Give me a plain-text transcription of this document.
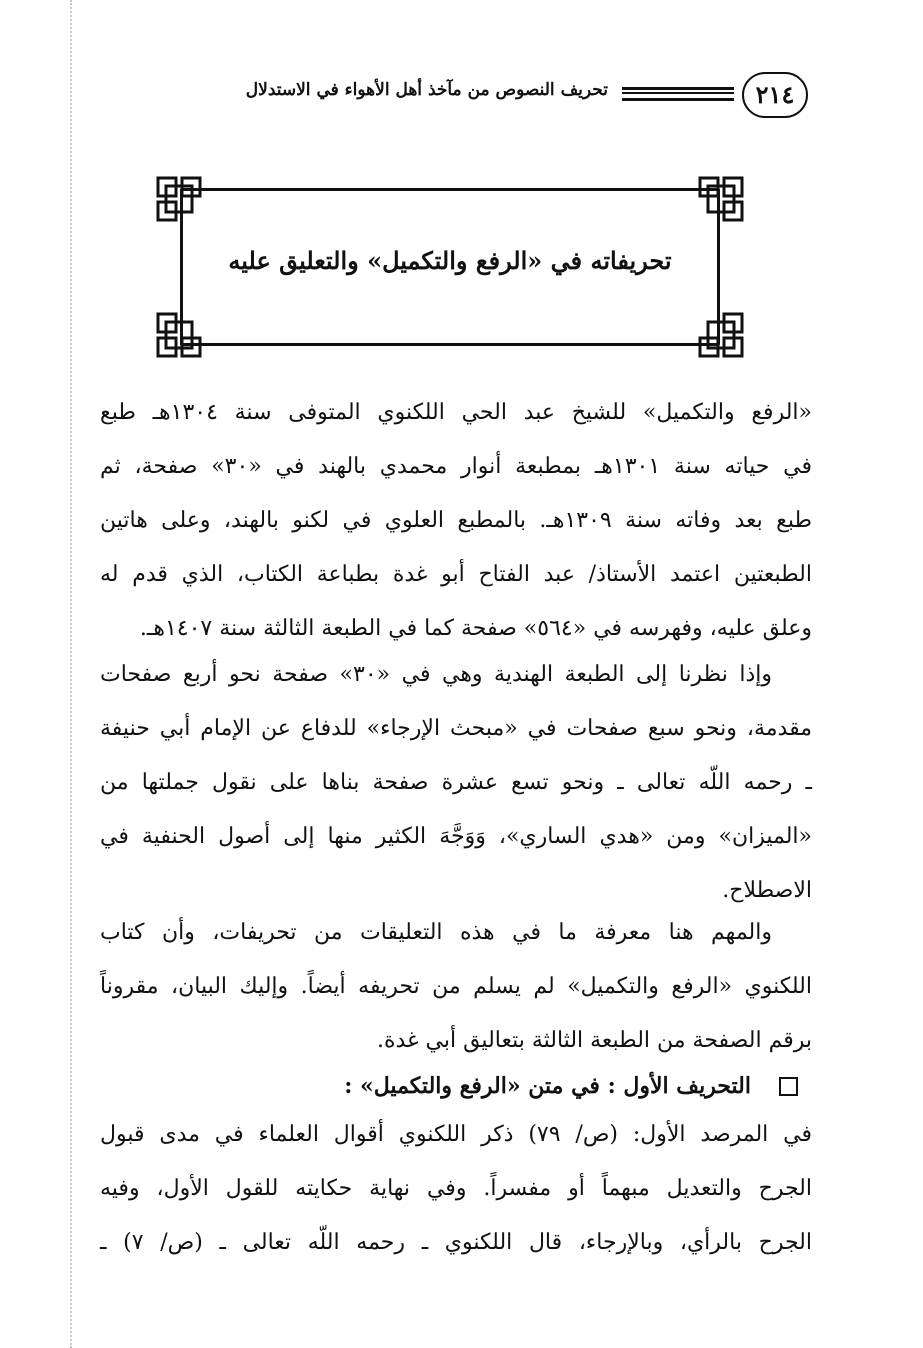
٢١٤
تحريف النصوص من مآخذ أهل الأهواء في الاستدلال
تحريفاته في «الرفع والتكميل» والتعليق عليه
«الرفع والتكميل» للشيخ عبد الحي اللكنوي المتوفى سنة ١٣٠٤هـ طبع
في حياته سنة ١٣٠١هـ بمطبعة أنوار محمدي بالهند في «٣٠» صفحة، ثم
طبع بعد وفاته سنة ١٣٠٩هـ. بالمطبع العلوي في لكنو بالهند، وعلى هاتين
الطبعتين اعتمد الأستاذ/ عبد الفتاح أبو غدة بطباعة الكتاب، الذي قدم له
وعلق عليه، وفهرسه في «٥٦٤» صفحة كما في الطبعة الثالثة سنة ١٤٠٧هـ.
وإذا نظرنا إلى الطبعة الهندية وهي في «٣٠» صفحة نحو أربع صفحات
مقدمة، ونحو سبع صفحات في «مبحث الإرجاء» للدفاع عن الإمام أبي حنيفة
ـ رحمه اللّه تعالى ـ ونحو تسع عشرة صفحة بناها على نقول جملتها من
«الميزان» ومن «هدي الساري»، وَوَجَّهَ الكثير منها إلى أصول الحنفية في
الاصطلاح.
والمهم هنا معرفة ما في هذه التعليقات من تحريفات، وأن كتاب
اللكنوي «الرفع والتكميل» لم يسلم من تحريفه أيضاً. وإليك البيان، مقروناً
برقم الصفحة من الطبعة الثالثة بتعاليق أبي غدة.
التحريف الأول : في متن «الرفع والتكميل» :
في المرصد الأول: (ص/ ٧٩) ذكر اللكنوي أقوال العلماء في مدى قبول
الجرح والتعديل مبهماً أو مفسراً. وفي نهاية حكايته للقول الأول، وفيه
الجرح بالرأي، وبالإرجاء، قال اللكنوي ـ رحمه اللّه تعالى ـ (ص/ ٧) ـ
